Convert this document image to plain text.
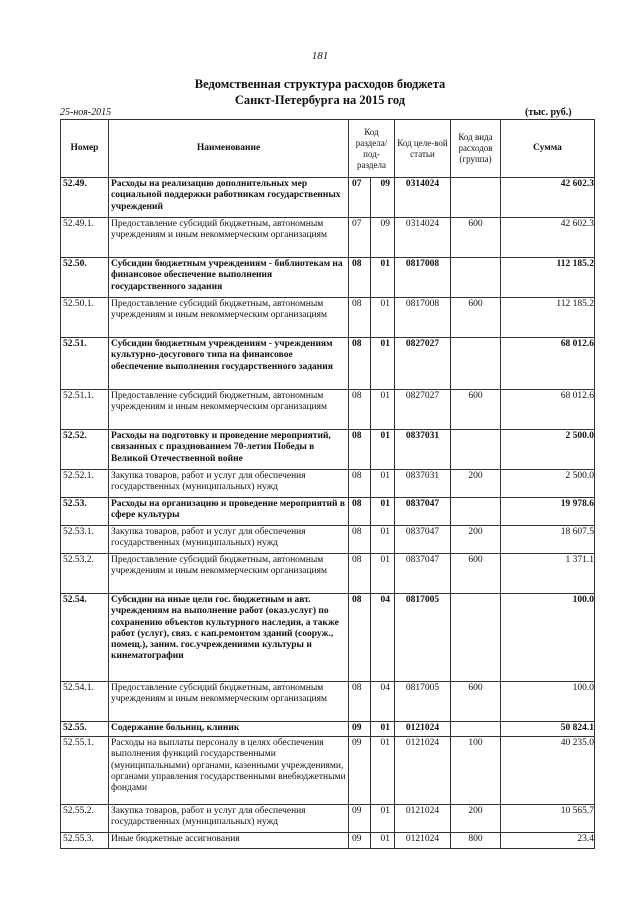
181
Ведомственная структура расходов бюджета
Санкт-Петербурга на 2015 год
25-ноя-2015	(тыс. руб.)
Номер	Наименование	Код раздела/ под-раздела		Код целе-вой статьи	Код вида расходов (группа)	Сумма
52.49.	Расходы на реализацию дополнительных мер социальной поддержки работникам государственных учреждений	07	09	0314024		42 602.3
52.49.1.	Предоставление субсидий бюджетным, автономным учреждениям и иным некоммерческим организациям	07	09	0314024	600	42 602.3
52.50.	Субсидии бюджетным учреждениям - библиотекам на финансовое обеспечение выполнения государственного задания	08	01	0817008		112 185.2
52.50.1.	Предоставление субсидий бюджетным, автономным учреждениям и иным некоммерческим организациям	08	01	0817008	600	112 185.2
52.51.	Субсидии бюджетным учреждениям - учреждениям культурно-досугового типа на финансовое обеспечение выполнения государственного задания	08	01	0827027		68 012.6
52.51.1.	Предоставление субсидий бюджетным, автономным учреждениям и иным некоммерческим организациям	08	01	0827027	600	68 012.6
52.52.	Расходы на подготовку и проведение мероприятий, связанных с празднованием 70-летия Победы в Великой Отечественной войне	08	01	0837031		2 500.0
52.52.1.	Закупка товаров, работ и услуг для обеспечения государственных (муниципальных) нужд	08	01	0837031	200	2 500.0
52.53.	Расходы на организацию и проведение мероприятий в сфере культуры	08	01	0837047		19 978.6
52.53.1.	Закупка товаров, работ и услуг для обеспечения государственных (муниципальных) нужд	08	01	0837047	200	18 607.5
52.53.2.	Предоставление субсидий бюджетным, автономным учреждениям и иным некоммерческим организациям	08	01	0837047	600	1 371.1
52.54.	Субсидии на иные цели гос. бюджетным и авт. учреждениям на выполнение работ (оказ.услуг) по сохранению объектов культурного наследия, а также работ (услуг), связ. с кап.ремонтом зданий (сооруж., помещ.), заним. гос.учреждениями культуры и кинематографии	08	04	0817005		100.0
52.54.1.	Предоставление субсидий бюджетным, автономным учреждениям и иным некоммерческим организациям	08	04	0817005	600	100.0
52.55.	Содержание больниц, клиник	09	01	0121024		50 824.1
52.55.1.	Расходы на выплаты персоналу в целях обеспечения выполнения функций государственными (муниципальными) органами, казенными учреждениями, органами управления государственными внебюджетными фондами	09	01	0121024	100	40 235.0
52.55.2.	Закупка товаров, работ и услуг для обеспечения государственных (муниципальных) нужд	09	01	0121024	200	10 565.7
52.55.3.	Иные бюджетные ассигнования	09	01	0121024	800	23.4
